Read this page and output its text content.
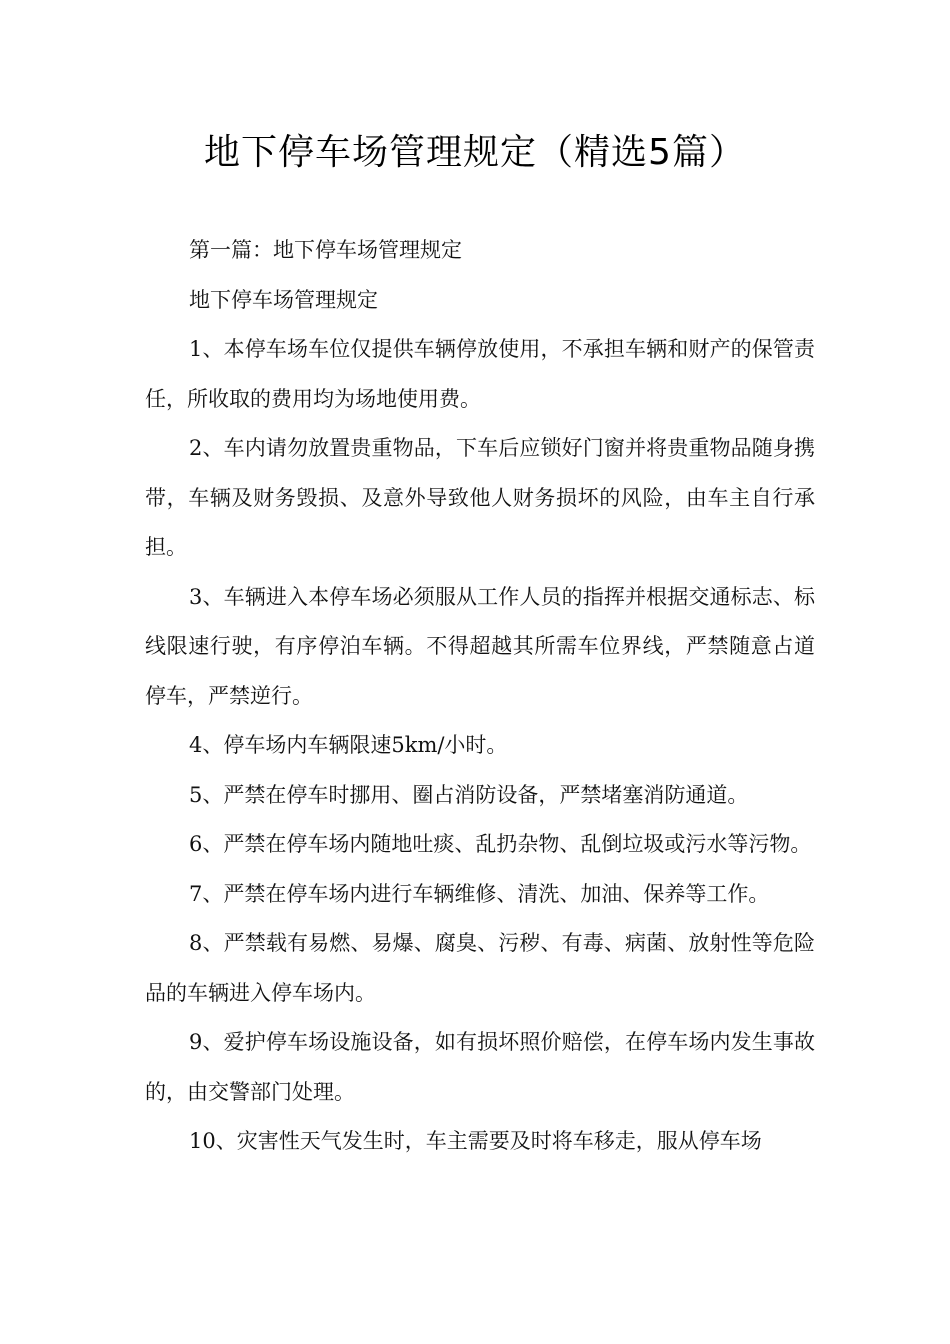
地下停车场管理规定（精选5篇）

第一篇：地下停车场管理规定

地下停车场管理规定

1、本停车场车位仅提供车辆停放使用，不承担车辆和财产的保管责任，所收取的费用均为场地使用费。

2、车内请勿放置贵重物品，下车后应锁好门窗并将贵重物品随身携带，车辆及财务毁损、及意外导致他人财务损坏的风险，由车主自行承担。

3、车辆进入本停车场必须服从工作人员的指挥并根据交通标志、标线限速行驶，有序停泊车辆。不得超越其所需车位界线，严禁随意占道停车，严禁逆行。

4、停车场内车辆限速5km/小时。

5、严禁在停车时挪用、圈占消防设备，严禁堵塞消防通道。

6、严禁在停车场内随地吐痰、乱扔杂物、乱倒垃圾或污水等污物。

7、严禁在停车场内进行车辆维修、清洗、加油、保养等工作。

8、严禁载有易燃、易爆、腐臭、污秽、有毒、病菌、放射性等危险品的车辆进入停车场内。

9、爱护停车场设施设备，如有损坏照价赔偿，在停车场内发生事故的，由交警部门处理。

10、灾害性天气发生时，车主需要及时将车移走，服从停车场
